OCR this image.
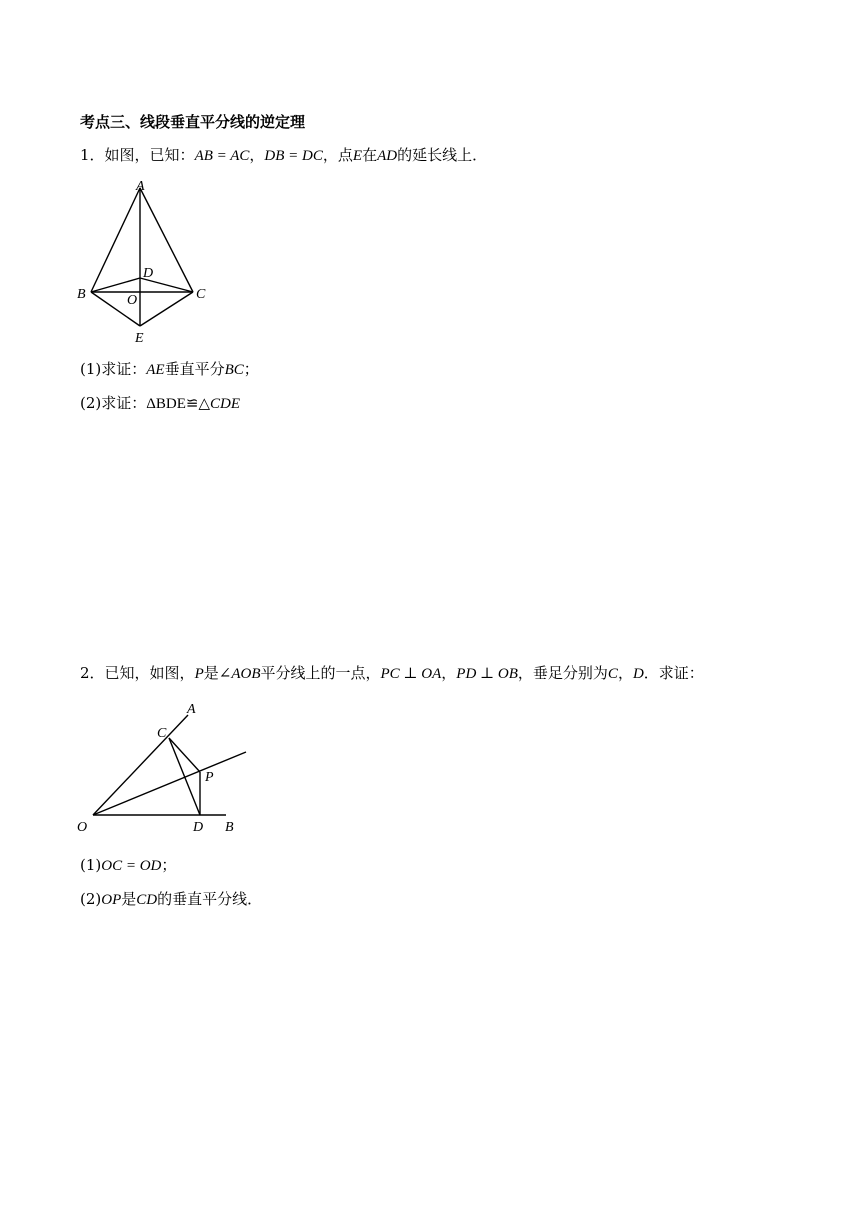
考点三、线段垂直平分线的逆定理
1．如图，已知：AB = AC，DB = DC，点E在AD的延长线上．
A
B	C
D
O
E
(1)求证：AE垂直平分BC；
(2)求证：ΔBDE≌△CDE
2．已知，如图，P是∠AOB平分线上的一点，PC ⊥ OA，PD ⊥ OB，垂足分别为C，D．求证：
A
C
P
O	D B
(1)OC = OD；
(2)OP是CD的垂直平分线．
